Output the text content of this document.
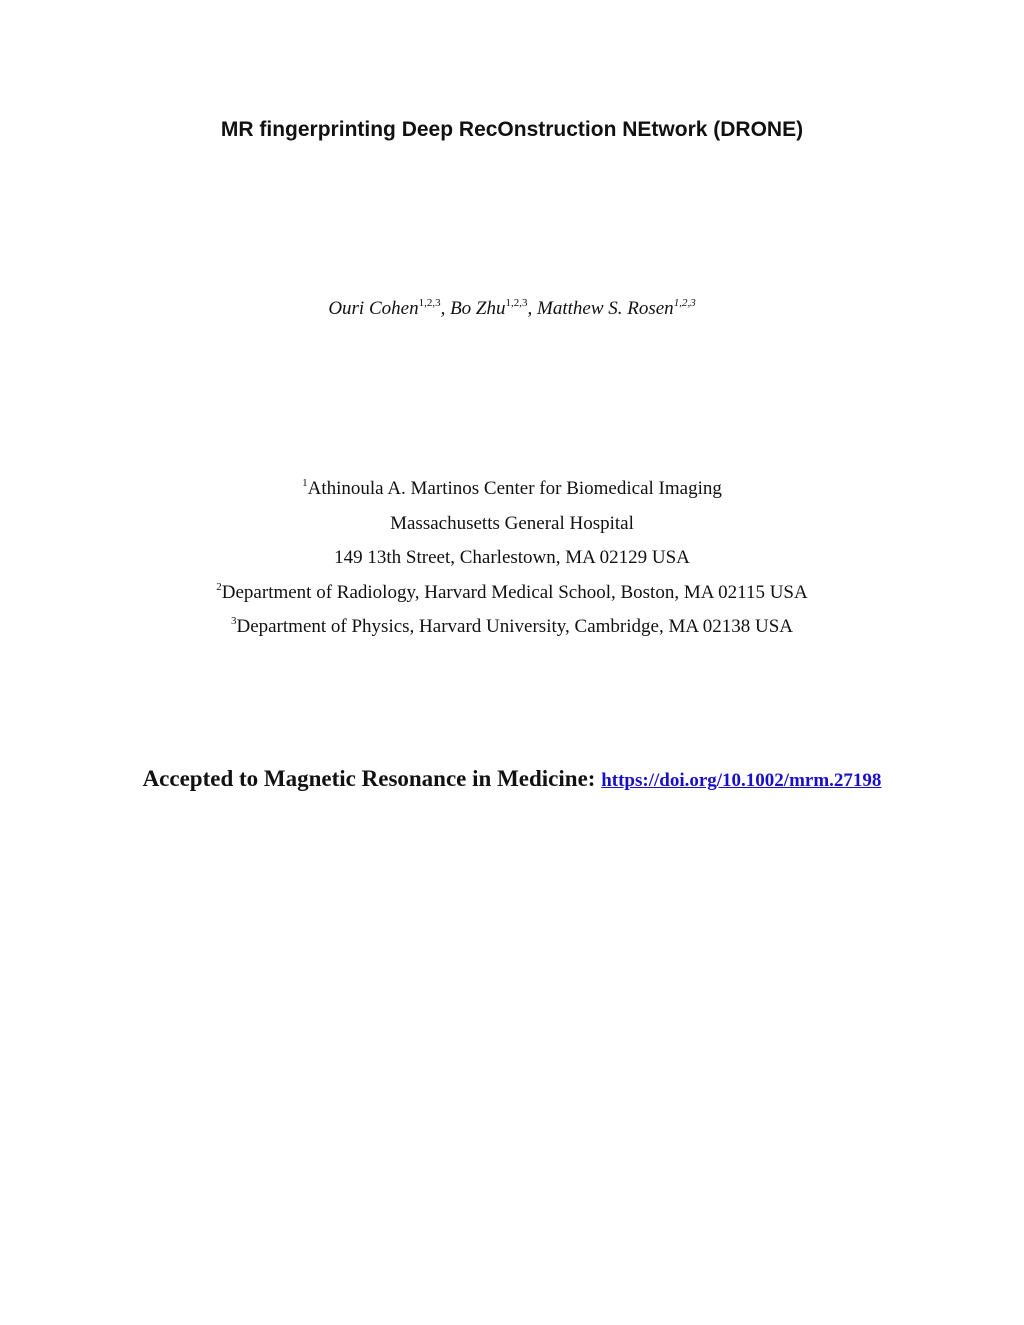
MR fingerprinting Deep RecOnstruction NEtwork (DRONE)
Ouri Cohen$^{1,2,3}$, Bo Zhu$^{1,2,3}$, Matthew S. Rosen$^{1,2,3}$
$^1$Athinoula A. Martinos Center for Biomedical Imaging
Massachusetts General Hospital
149 13th Street, Charlestown, MA 02129 USA
$^2$Department of Radiology, Harvard Medical School, Boston, MA 02115 USA
$^3$Department of Physics, Harvard University, Cambridge, MA 02138 USA
Accepted to Magnetic Resonance in Medicine: https://doi.org/10.1002/mrm.27198
